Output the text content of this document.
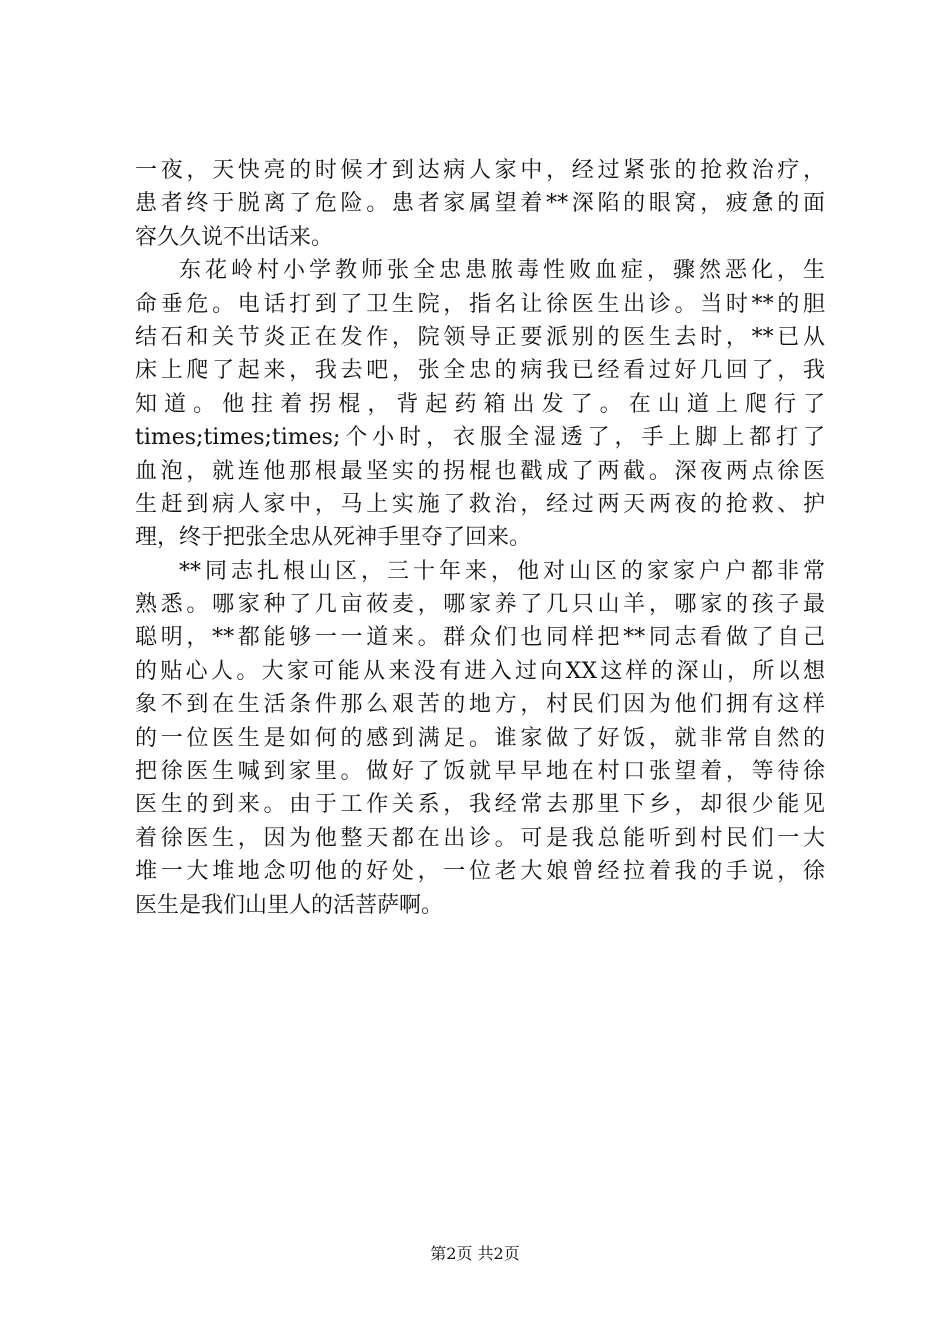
一夜，天快亮的时候才到达病人家中，经过紧张的抢救治疗，
患者终于脱离了危险。患者家属望着**深陷的眼窝，疲惫的面
容久久说不出话来。
东花岭村小学教师张全忠患脓毒性败血症，骤然恶化，生
命垂危。电话打到了卫生院，指名让徐医生出诊。当时**的胆
结石和关节炎正在发作，院领导正要派别的医生去时，**已从
床上爬了起来，我去吧，张全忠的病我已经看过好几回了，我
知道。他拄着拐棍，背起药箱出发了。在山道上爬行了
times;times;times;个小时，衣服全湿透了，手上脚上都打了
血泡，就连他那根最坚实的拐棍也戳成了两截。深夜两点徐医
生赶到病人家中，马上实施了救治，经过两天两夜的抢救、护
理，终于把张全忠从死神手里夺了回来。
**同志扎根山区，三十年来，他对山区的家家户户都非常
熟悉。哪家种了几亩莜麦，哪家养了几只山羊，哪家的孩子最
聪明，**都能够一一道来。群众们也同样把**同志看做了自己
的贴心人。大家可能从来没有进入过向XX这样的深山，所以想
象不到在生活条件那么艰苦的地方，村民们因为他们拥有这样
的一位医生是如何的感到满足。谁家做了好饭，就非常自然的
把徐医生喊到家里。做好了饭就早早地在村口张望着，等待徐
医生的到来。由于工作关系，我经常去那里下乡，却很少能见
着徐医生，因为他整天都在出诊。可是我总能听到村民们一大
堆一大堆地念叨他的好处，一位老大娘曾经拉着我的手说，徐
医生是我们山里人的活菩萨啊。
第2页 共2页
